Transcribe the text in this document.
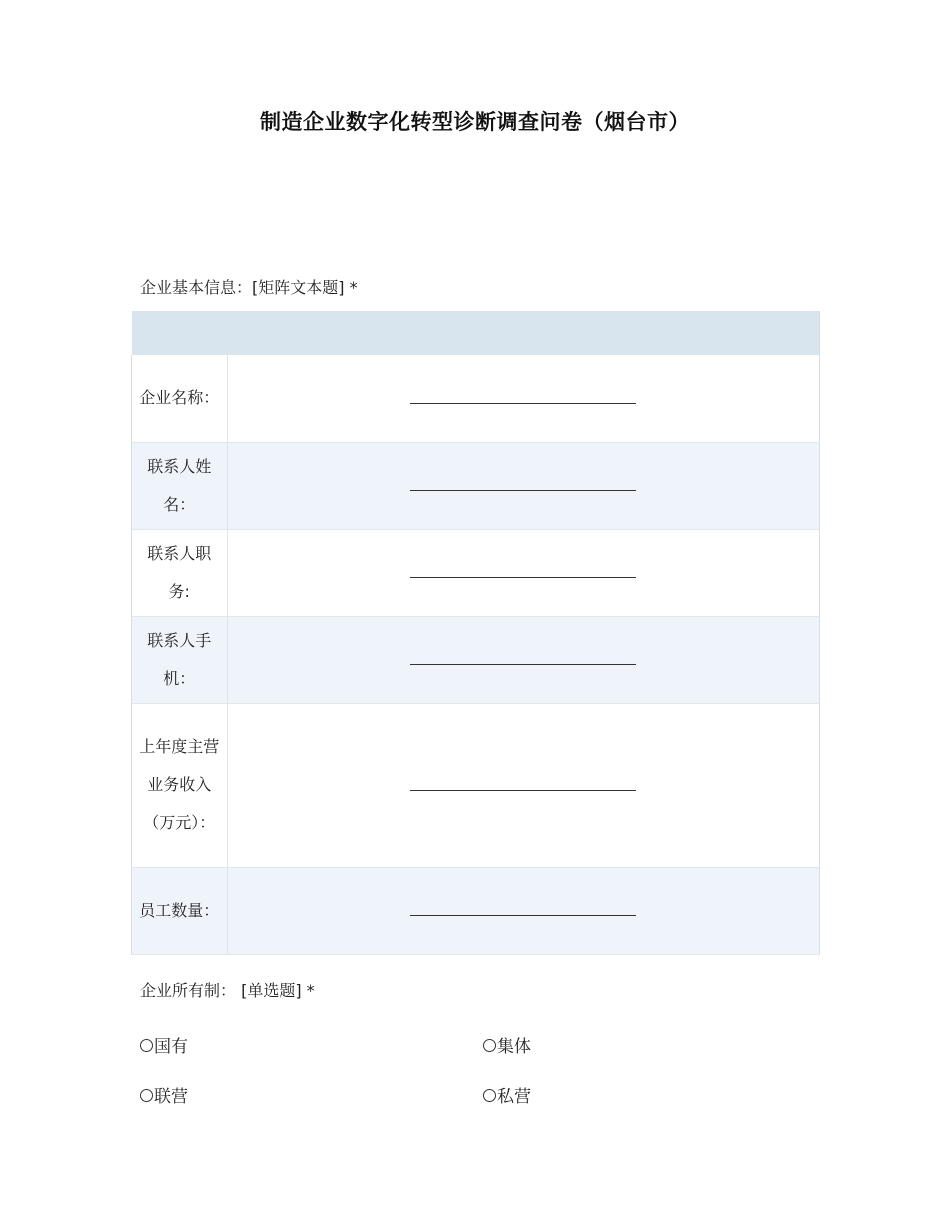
制造企业数字化转型诊断调查问卷（烟台市）
企业基本信息：[矩阵文本题] *

企业名称：	

联系人姓名：	

联系人职务:	

联系人手机：	

上年度主营业务收入（万元）：	

员工数量：	

企业所有制： [单选题] *
国有	集体
联营	私营
